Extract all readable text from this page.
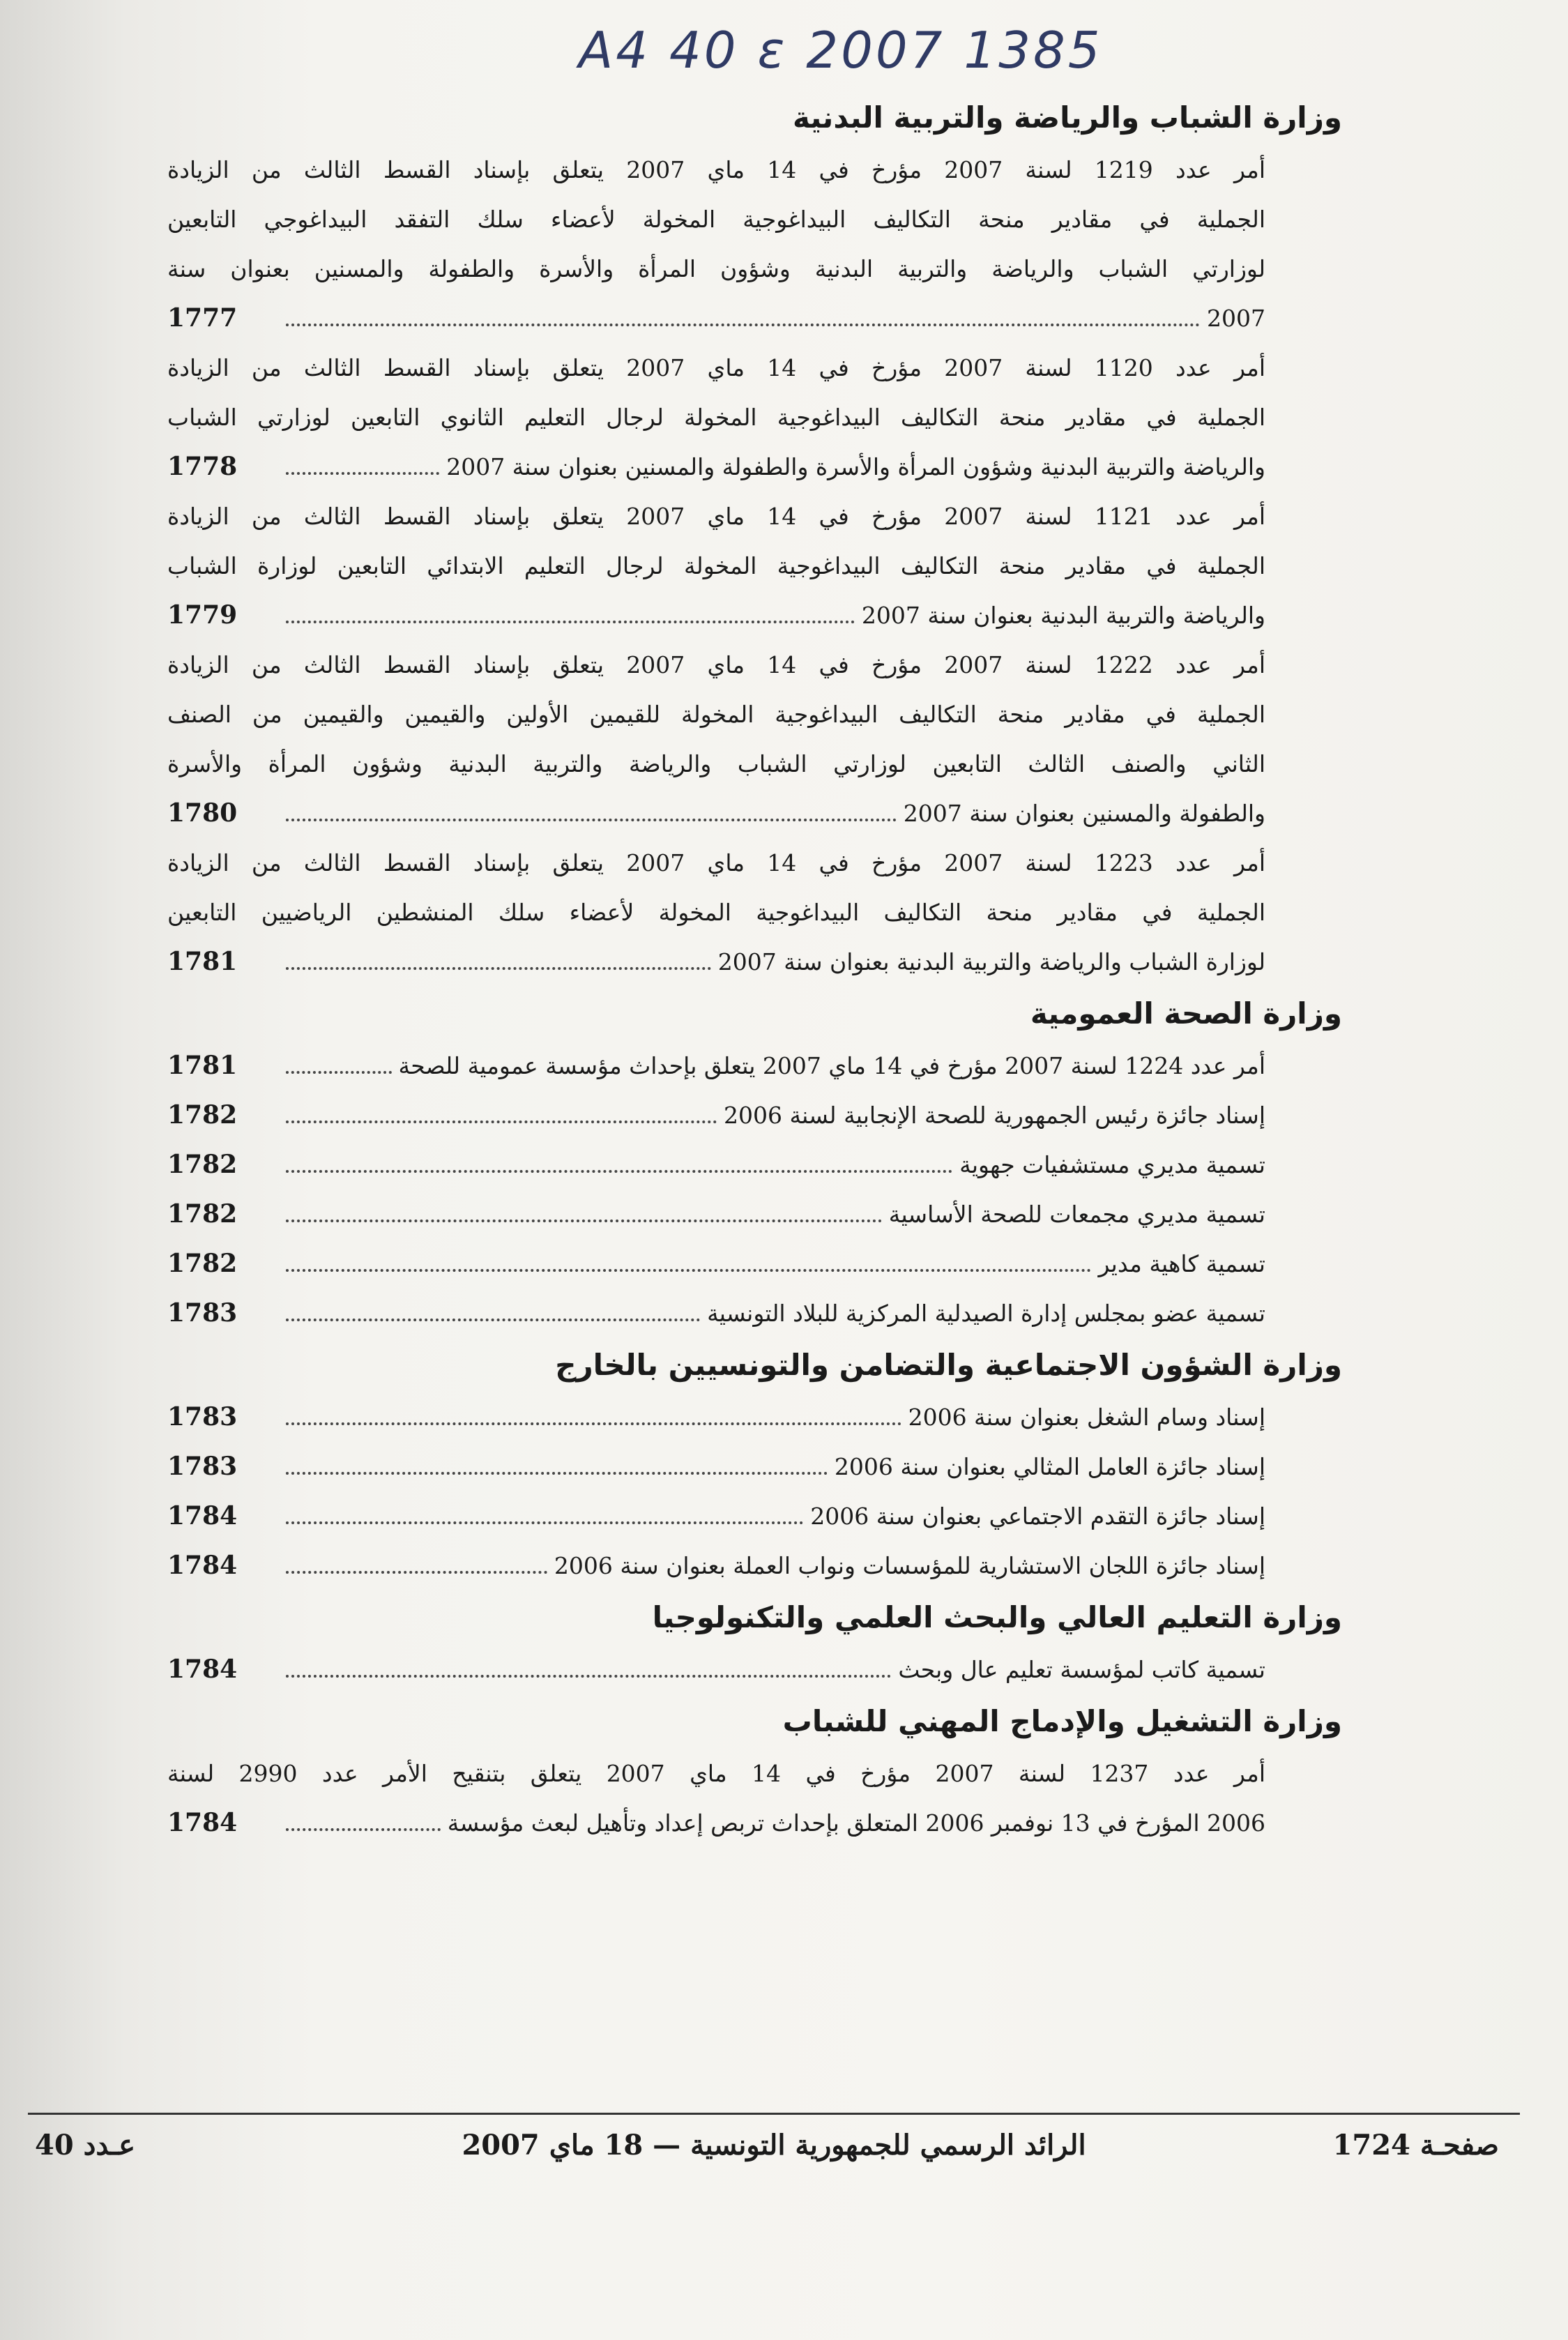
A4 40 ε 2007 1385
وزارة الشباب والرياضة والتربية البدنية
أمر عدد 1219 لسنة 2007 مؤرخ في 14 ماي 2007 يتعلق بإسناد القسط الثالث من الزيادة
الجملية في مقادير منحة التكاليف البيداغوجية المخولة لأعضاء سلك التفقد البيداغوجي التابعين
لوزارتي الشباب والرياضة والتربية البدنية وشؤون المرأة والأسرة والطفولة والمسنين بعنوان سنة
2007
1777
أمر عدد 1120 لسنة 2007 مؤرخ في 14 ماي 2007 يتعلق بإسناد القسط الثالث من الزيادة
الجملية في مقادير منحة التكاليف البيداغوجية المخولة لرجال التعليم الثانوي التابعين لوزارتي الشباب
والرياضة والتربية البدنية وشؤون المرأة والأسرة والطفولة والمسنين بعنوان سنة 2007
1778
أمر عدد 1121 لسنة 2007 مؤرخ في 14 ماي 2007 يتعلق بإسناد القسط الثالث من الزيادة
الجملية في مقادير منحة التكاليف البيداغوجية المخولة لرجال التعليم الابتدائي التابعين لوزارة الشباب
والرياضة والتربية البدنية بعنوان سنة 2007
1779
أمر عدد 1222 لسنة 2007 مؤرخ في 14 ماي 2007 يتعلق بإسناد القسط الثالث من الزيادة
الجملية في مقادير منحة التكاليف البيداغوجية المخولة للقيمين الأولين والقيمين والقيمين من الصنف
الثاني والصنف الثالث التابعين لوزارتي الشباب والرياضة والتربية البدنية وشؤون المرأة والأسرة
والطفولة والمسنين بعنوان سنة 2007
1780
أمر عدد 1223 لسنة 2007 مؤرخ في 14 ماي 2007 يتعلق بإسناد القسط الثالث من الزيادة
الجملية في مقادير منحة التكاليف البيداغوجية المخولة لأعضاء سلك المنشطين الرياضيين التابعين
لوزارة الشباب والرياضة والتربية البدنية بعنوان سنة 2007
1781
وزارة الصحة العمومية
أمر عدد 1224 لسنة 2007 مؤرخ في 14 ماي 2007 يتعلق بإحداث مؤسسة عمومية للصحة
1781
إسناد جائزة رئيس الجمهورية للصحة الإنجابية لسنة 2006
1782
تسمية مديري مستشفيات جهوية
1782
تسمية مديري مجمعات للصحة الأساسية
1782
تسمية كاهية مدير
1782
تسمية عضو بمجلس إدارة الصيدلية المركزية للبلاد التونسية
1783
وزارة الشؤون الاجتماعية والتضامن والتونسيين بالخارج
إسناد وسام الشغل بعنوان سنة 2006
1783
إسناد جائزة العامل المثالي بعنوان سنة 2006
1783
إسناد جائزة التقدم الاجتماعي بعنوان سنة 2006
1784
إسناد جائزة اللجان الاستشارية للمؤسسات ونواب العملة بعنوان سنة 2006
1784
وزارة التعليم العالي والبحث العلمي والتكنولوجيا
تسمية كاتب لمؤسسة تعليم عال وبحث
1784
وزارة التشغيل والإدماج المهني للشباب
أمر عدد 1237 لسنة 2007 مؤرخ في 14 ماي 2007 يتعلق بتنقيح الأمر عدد 2990 لسنة
2006 المؤرخ في 13 نوفمبر 2006 المتعلق بإحداث تربص إعداد وتأهيل لبعث مؤسسة
1784
صفحـة 1724
الرائد الرسمي للجمهورية التونسية — 18 ماي 2007
عـدد 40
